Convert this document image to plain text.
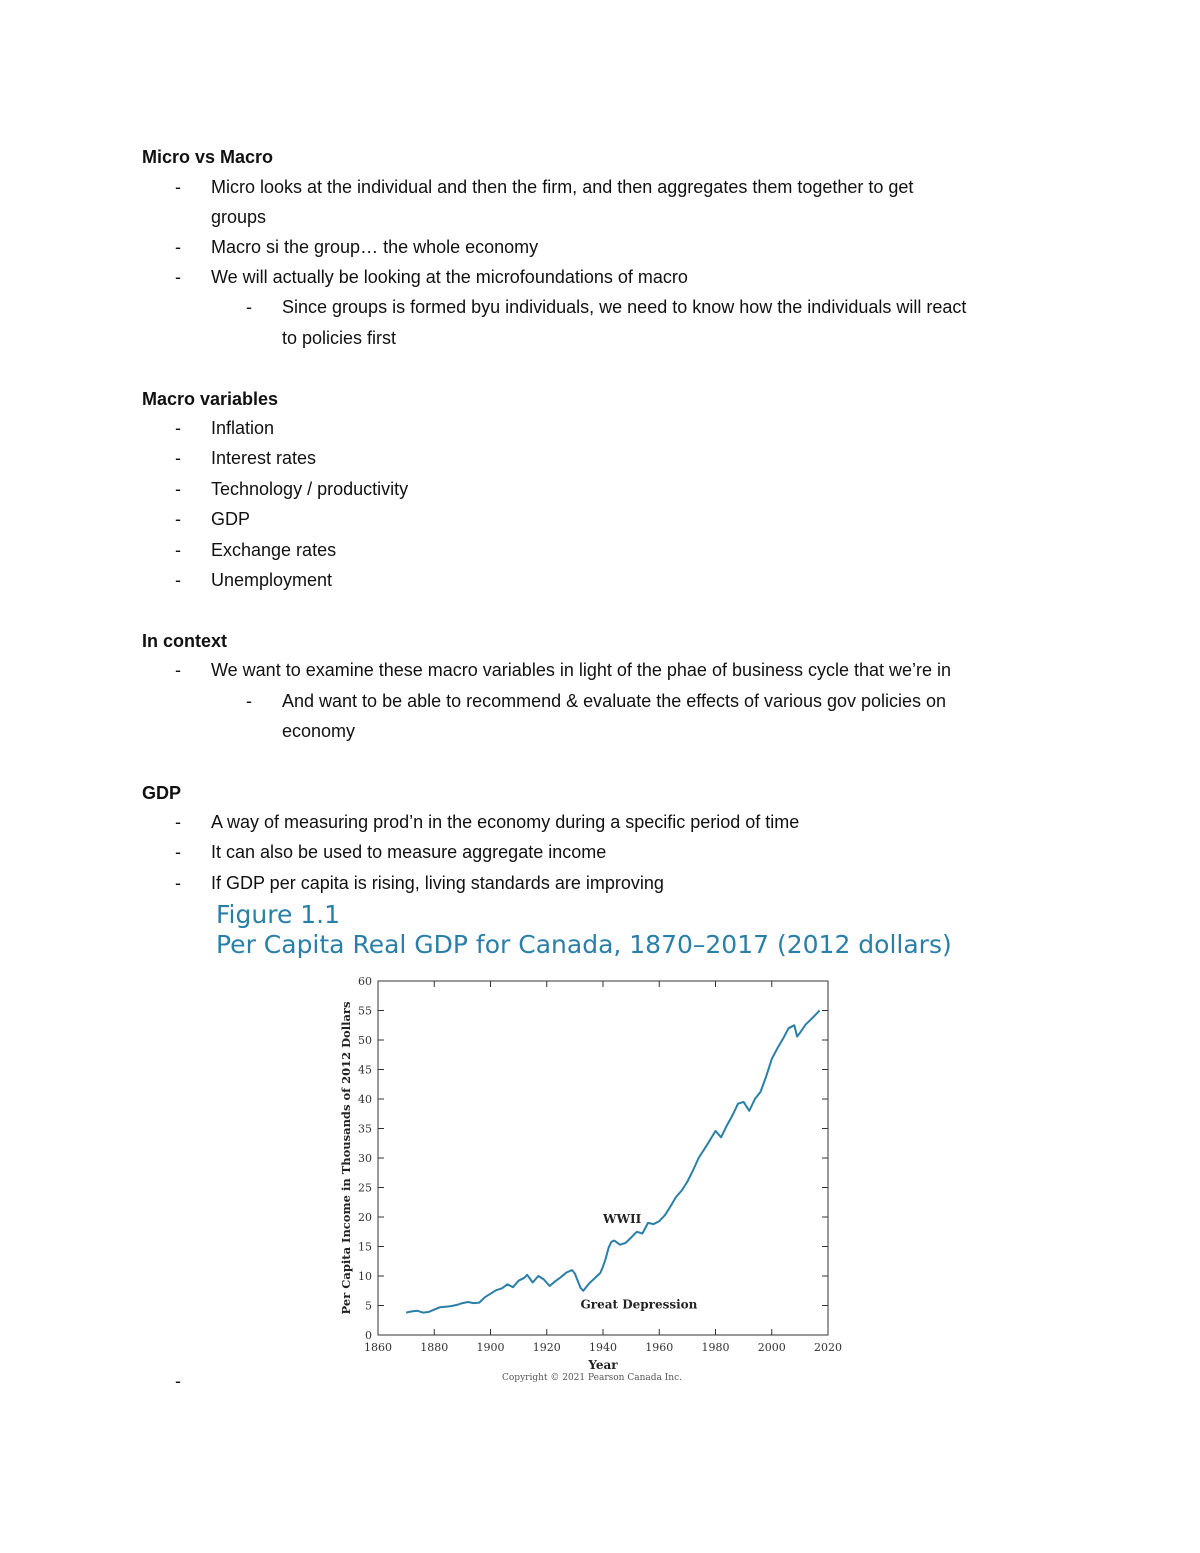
Micro vs Macro
- Micro looks at the individual and then the firm, and then aggregates them together to get
groups
- Macro si the group… the whole economy
- We will actually be looking at the microfoundations of macro
- Since groups is formed byu individuals, we need to know how the individuals will react
to policies first
Macro variables
- Inflation
- Interest rates
- Technology / productivity
- GDP
- Exchange rates
- Unemployment
In context
- We want to examine these macro variables in light of the phae of business cycle that we’re in
- And want to be able to recommend & evaluate the effects of various gov policies on
economy
GDP
- A way of measuring prod’n in the economy during a specific period of time
- It can also be used to measure aggregate income
- If GDP per capita is rising, living standards are improving
Figure 1.1
Per Capita Real GDP for Canada, 1870–2017 (2012 dollars)
0
5
10
15
20
25
30
35
40
45
50
55
60
1860	1880	1900	1920	1940	1960	1980	2000	2020
WWII
Great Depression
Year
Per Capita Income in Thousands of 2012 Dollars
Copyright © 2021 Pearson Canada Inc.
-
